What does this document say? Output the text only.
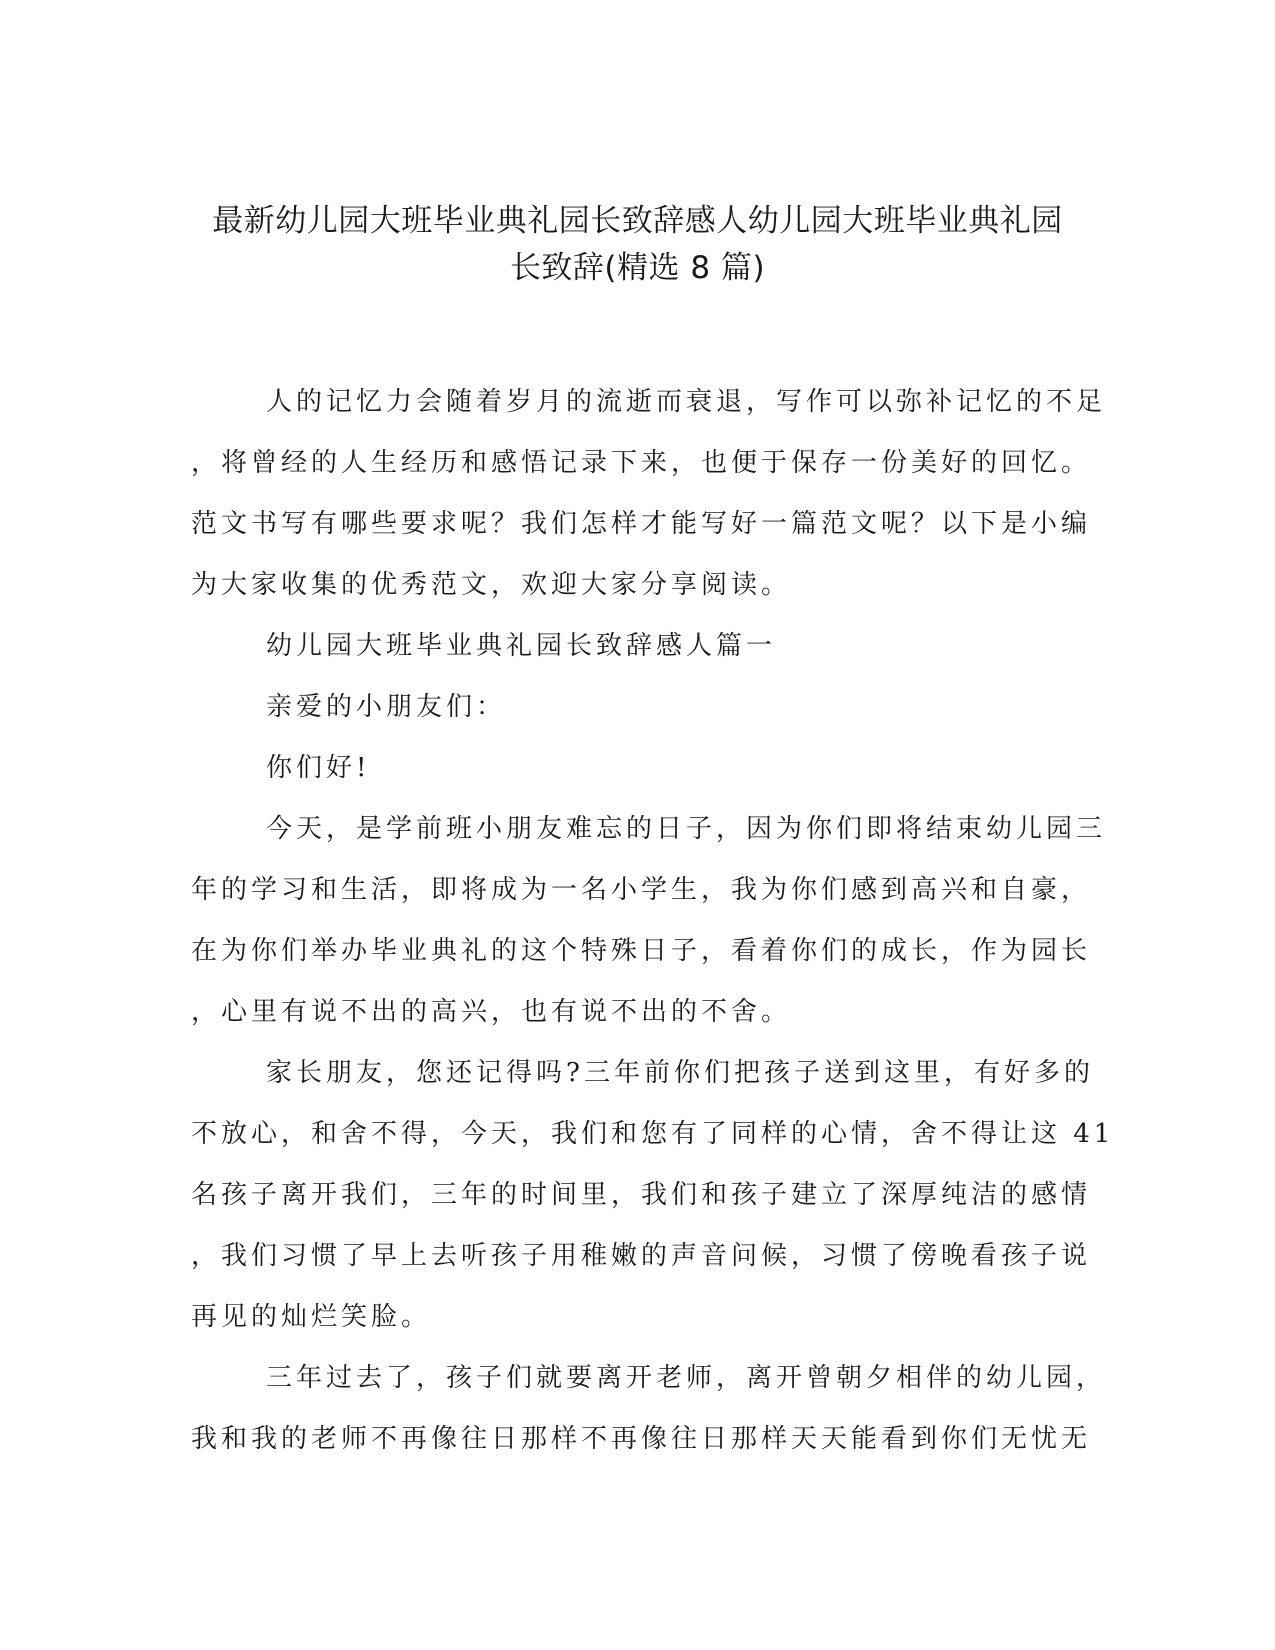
最新幼儿园大班毕业典礼园长致辞感人幼儿园大班毕业典礼园
长致辞(精选 8 篇)

人的记忆力会随着岁月的流逝而衰退，写作可以弥补记忆的不足
，将曾经的人生经历和感悟记录下来，也便于保存一份美好的回忆。
范文书写有哪些要求呢？我们怎样才能写好一篇范文呢？以下是小编
为大家收集的优秀范文，欢迎大家分享阅读。

幼儿园大班毕业典礼园长致辞感人篇一

亲爱的小朋友们：

你们好!

今天，是学前班小朋友难忘的日子，因为你们即将结束幼儿园三
年的学习和生活，即将成为一名小学生，我为你们感到高兴和自豪，
在为你们举办毕业典礼的这个特殊日子，看着你们的成长，作为园长
，心里有说不出的高兴，也有说不出的不舍。

家长朋友，您还记得吗?三年前你们把孩子送到这里，有好多的
不放心，和舍不得，今天，我们和您有了同样的心情，舍不得让这 41
名孩子离开我们，三年的时间里，我们和孩子建立了深厚纯洁的感情
，我们习惯了早上去听孩子用稚嫩的声音问候，习惯了傍晚看孩子说
再见的灿烂笑脸。

三年过去了，孩子们就要离开老师，离开曾朝夕相伴的幼儿园，
我和我的老师不再像往日那样不再像往日那样天天能看到你们无忧无
